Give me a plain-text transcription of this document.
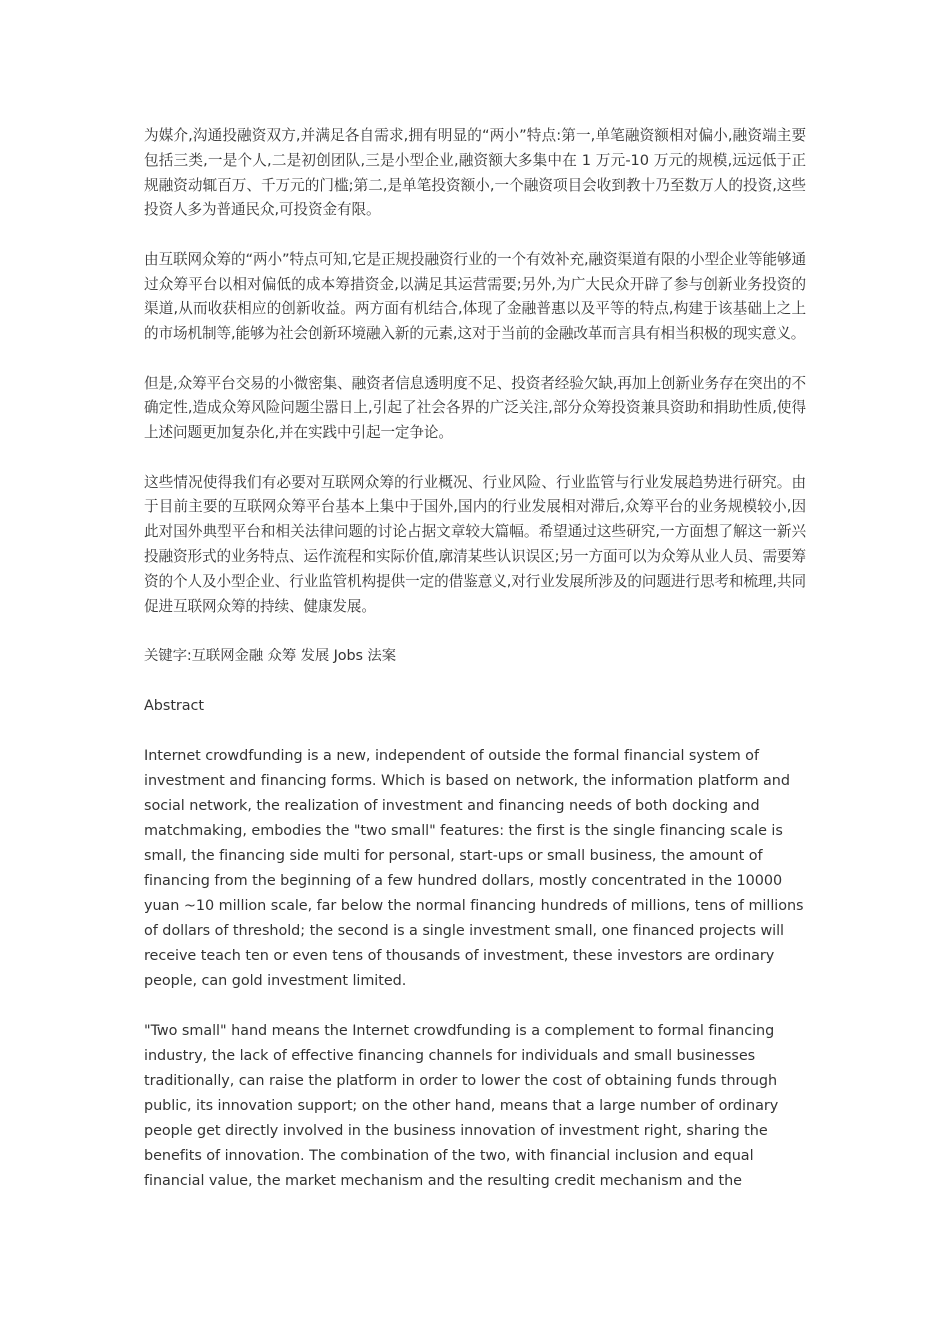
为媒介,沟通投融资双方,并满足各自需求,拥有明显的“两小”特点:第一,单笔融资额相对偏小,融资端主要包括三类,一是个人,二是初创团队,三是小型企业,融资额大多集中在 1 万元-10 万元的规模,远远低于正规融资动辄百万、千万元的门槛;第二,是单笔投资额小,一个融资项目会收到教十乃至数万人的投资,这些投资人多为普通民众,可投资金有限。

由互联网众筹的“两小”特点可知,它是正规投融资行业的一个有效补充,融资渠道有限的小型企业等能够通过众筹平台以相对偏低的成本筹措资金,以满足其运营需要;另外,为广大民众开辟了参与创新业务投资的渠道,从而收获相应的创新收益。两方面有机结合,体现了金融普惠以及平等的特点,构建于该基础上之上的市场机制等,能够为社会创新环境融入新的元素,这对于当前的金融改革而言具有相当积极的现实意义。

但是,众筹平台交易的小微密集、融资者信息透明度不足、投资者经验欠缺,再加上创新业务存在突出的不确定性,造成众筹风险问题尘嚣日上,引起了社会各界的广泛关注,部分众筹投资兼具资助和捐助性质,使得上述问题更加复杂化,并在实践中引起一定争论。

这些情况使得我们有必要对互联网众筹的行业概况、行业风险、行业监管与行业发展趋势进行研究。由于目前主要的互联网众筹平台基本上集中于国外,国内的行业发展相对滞后,众筹平台的业务规模较小,因此对国外典型平台和相关法律问题的讨论占据文章较大篇幅。希望通过这些研究,一方面想了解这一新兴投融资形式的业务特点、运作流程和实际价值,廓清某些认识误区;另一方面可以为众筹从业人员、需要筹资的个人及小型企业、行业监管机构提供一定的借鉴意义,对行业发展所涉及的问题进行思考和梳理,共同促进互联网众筹的持续、健康发展。

关键字:互联网金融 众筹 发展 Jobs 法案

Abstract

Internet crowdfunding is a new, independent of outside the formal financial system of investment and financing forms. Which is based on network, the information platform and social network, the realization of investment and financing needs of both docking and matchmaking, embodies the "two small" features: the first is the single financing scale is small, the financing side multi for personal, start-ups or small business, the amount of financing from the beginning of a few hundred dollars, mostly concentrated in the 10000 yuan ~10 million scale, far below the normal financing hundreds of millions, tens of millions of dollars of threshold; the second is a single investment small, one financed projects will receive teach ten or even tens of thousands of investment, these investors are ordinary people, can gold investment limited.

"Two small" hand means the Internet crowdfunding is a complement to formal financing industry, the lack of effective financing channels for individuals and small businesses traditionally, can raise the platform in order to lower the cost of obtaining funds through public, its innovation support; on the other hand, means that a large number of ordinary people get directly involved in the business innovation of investment right, sharing the benefits of innovation. The combination of the two, with financial inclusion and equal financial value, the market mechanism and the resulting credit mechanism and the
